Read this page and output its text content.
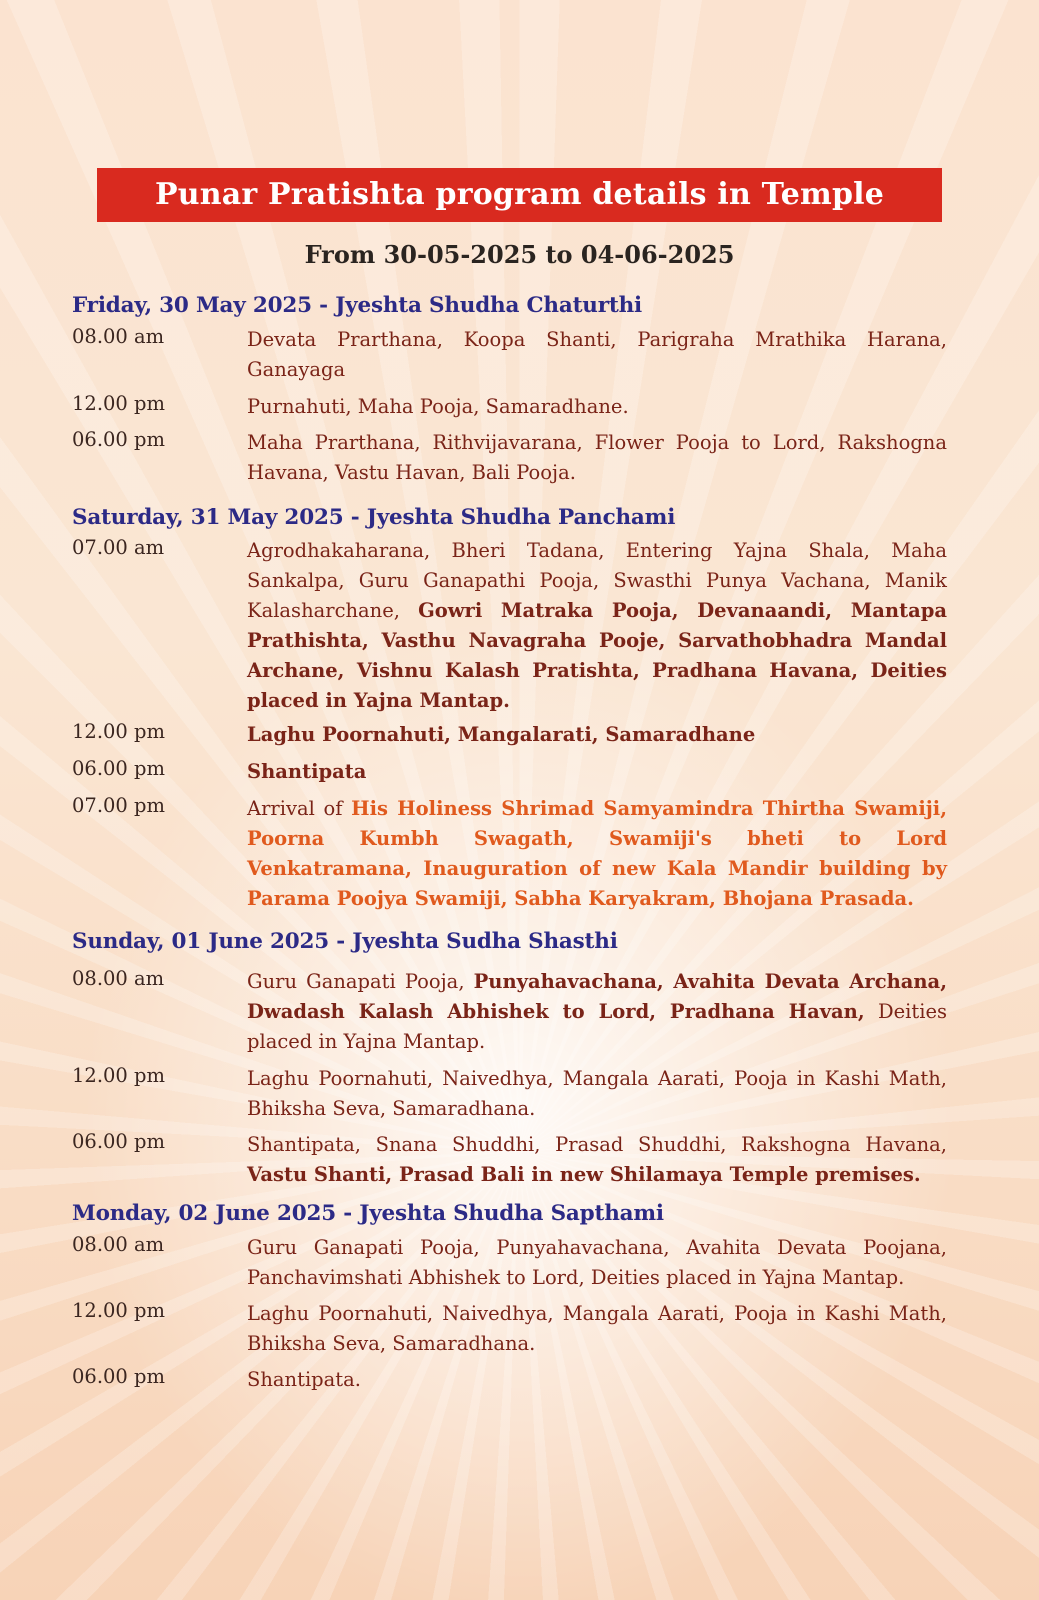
Punar Pratishta program details in Temple
From 30-05-2025 to 04-06-2025
Friday, 30 May 2025 - Jyeshta Shudha Chaturthi
08.00 am	Devata Prarthana, Koopa Shanti, Parigraha Mrathika Harana, Ganayaga
12.00 pm	Purnahuti, Maha Pooja, Samaradhane.
06.00 pm	Maha Prarthana, Rithvijavarana, Flower Pooja to Lord, Rakshogna Havana, Vastu Havan, Bali Pooja.
Saturday, 31 May 2025 - Jyeshta Shudha Panchami
07.00 am	Agrodhakaharana, Bheri Tadana, Entering Yajna Shala, Maha Sankalpa, Guru Ganapathi Pooja, Swasthi Punya Vachana, Manik Kalasharchane, Gowri Matraka Pooja, Devanaandi, Mantapa Prathishta, Vasthu Navagraha Pooje, Sarvathobhadra Mandal Archane, Vishnu Kalash Pratishta, Pradhana Havana, Deities placed in Yajna Mantap.
12.00 pm	Laghu Poornahuti, Mangalarati, Samaradhane
06.00 pm	Shantipata
07.00 pm	Arrival of His Holiness Shrimad Samyamindra Thirtha Swamiji, Poorna Kumbh Swagath, Swamiji's bheti to Lord Venkatramana, Inauguration of new Kala Mandir building by Parama Poojya Swamiji, Sabha Karyakram, Bhojana Prasada.
Sunday, 01 June 2025 - Jyeshta Sudha Shasthi
08.00 am	Guru Ganapati Pooja, Punyahavachana, Avahita Devata Archana, Dwadash Kalash Abhishek to Lord, Pradhana Havan, Deities placed in Yajna Mantap.
12.00 pm	Laghu Poornahuti, Naivedhya, Mangala Aarati, Pooja in Kashi Math, Bhiksha Seva, Samaradhana.
06.00 pm	Shantipata, Snana Shuddhi, Prasad Shuddhi, Rakshogna Havana, Vastu Shanti, Prasad Bali in new Shilamaya Temple premises.
Monday, 02 June 2025 - Jyeshta Shudha Sapthami
08.00 am	Guru Ganapati Pooja, Punyahavachana, Avahita Devata Poojana, Panchavimshati Abhishek to Lord, Deities placed in Yajna Mantap.
12.00 pm	Laghu Poornahuti, Naivedhya, Mangala Aarati, Pooja in Kashi Math, Bhiksha Seva, Samaradhana.
06.00 pm	Shantipata.
